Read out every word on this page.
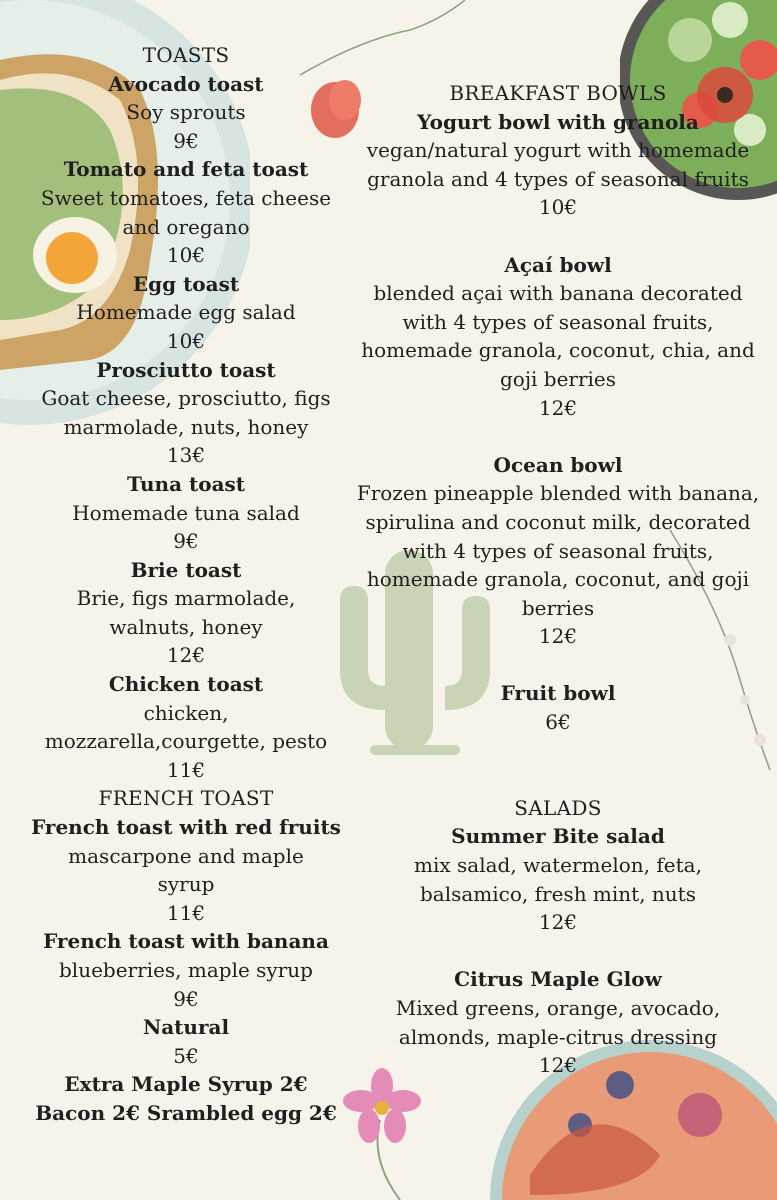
TOASTS
Avocado toast
Soy sprouts
9€
Tomato and feta toast
Sweet tomatoes, feta cheese
and oregano
10€
Egg toast
Homemade egg salad
10€
Prosciutto toast
Goat cheese, prosciutto, figs
marmolade, nuts, honey
13€
Tuna toast
Homemade tuna salad
9€
Brie toast
Brie, figs marmolade,
walnuts, honey
12€
Chicken toast
chicken,
mozzarella,courgette, pesto
11€
FRENCH TOAST
French toast with red fruits
mascarpone and maple
syrup
11€
French toast with banana
blueberries, maple syrup
9€
Natural
5€
Extra Maple Syrup 2€
Bacon 2€ Srambled egg 2€
BREAKFAST BOWLS
Yogurt bowl with granola
vegan/natural yogurt with homemade
granola and 4 types of seasonal fruits
10€
Açaí bowl
blended açai with banana decorated
with 4 types of seasonal fruits,
homemade granola, coconut, chia, and
goji berries
12€
Ocean bowl
Frozen pineapple blended with banana,
spirulina and coconut milk, decorated
with 4 types of seasonal fruits,
homemade granola, coconut, and goji
berries
12€
Fruit bowl
6€
SALADS
Summer Bite salad
mix salad, watermelon, feta,
balsamico, fresh mint, nuts
12€
Citrus Maple Glow
Mixed greens, orange, avocado,
almonds, maple-citrus dressing
12€
